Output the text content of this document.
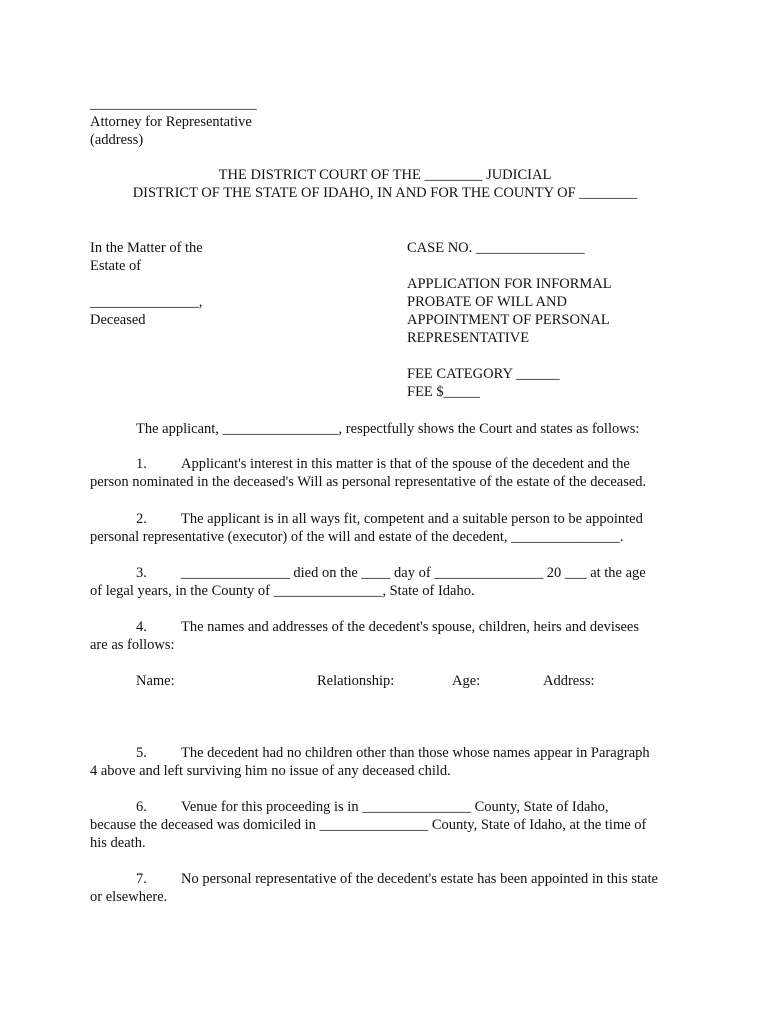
_______________________
Attorney for Representative
(address)
THE DISTRICT COURT OF THE ________ JUDICIAL
DISTRICT OF THE STATE OF IDAHO, IN AND FOR THE COUNTY OF ________
In the Matter of the
Estate of
_______________,
Deceased
CASE NO. _______________
APPLICATION FOR INFORMAL
PROBATE OF WILL AND
APPOINTMENT OF PERSONAL
REPRESENTATIVE
FEE CATEGORY ______
FEE $_____
The applicant, ________________, respectfully shows the Court and states as follows:
1. Applicant's interest in this matter is that of the spouse of the decedent and the
person nominated in the deceased's Will as personal representative of the estate of the deceased.
2. The applicant is in all ways fit, competent and a suitable person to be appointed
personal representative (executor) of the will and estate of the decedent, _______________.
3. _______________ died on the ____ day of _______________ 20 ___ at the age
of legal years, in the County of _______________, State of Idaho.
4. The names and addresses of the decedent's spouse, children, heirs and devisees
are as follows:
Name:	Relationship:	Age:	Address:
5. The decedent had no children other than those whose names appear in Paragraph
4 above and left surviving him no issue of any deceased child.
6. Venue for this proceeding is in _______________ County, State of Idaho,
because the deceased was domiciled in _______________ County, State of Idaho, at the time of
his death.
7. No personal representative of the decedent's estate has been appointed in this state
or elsewhere.
